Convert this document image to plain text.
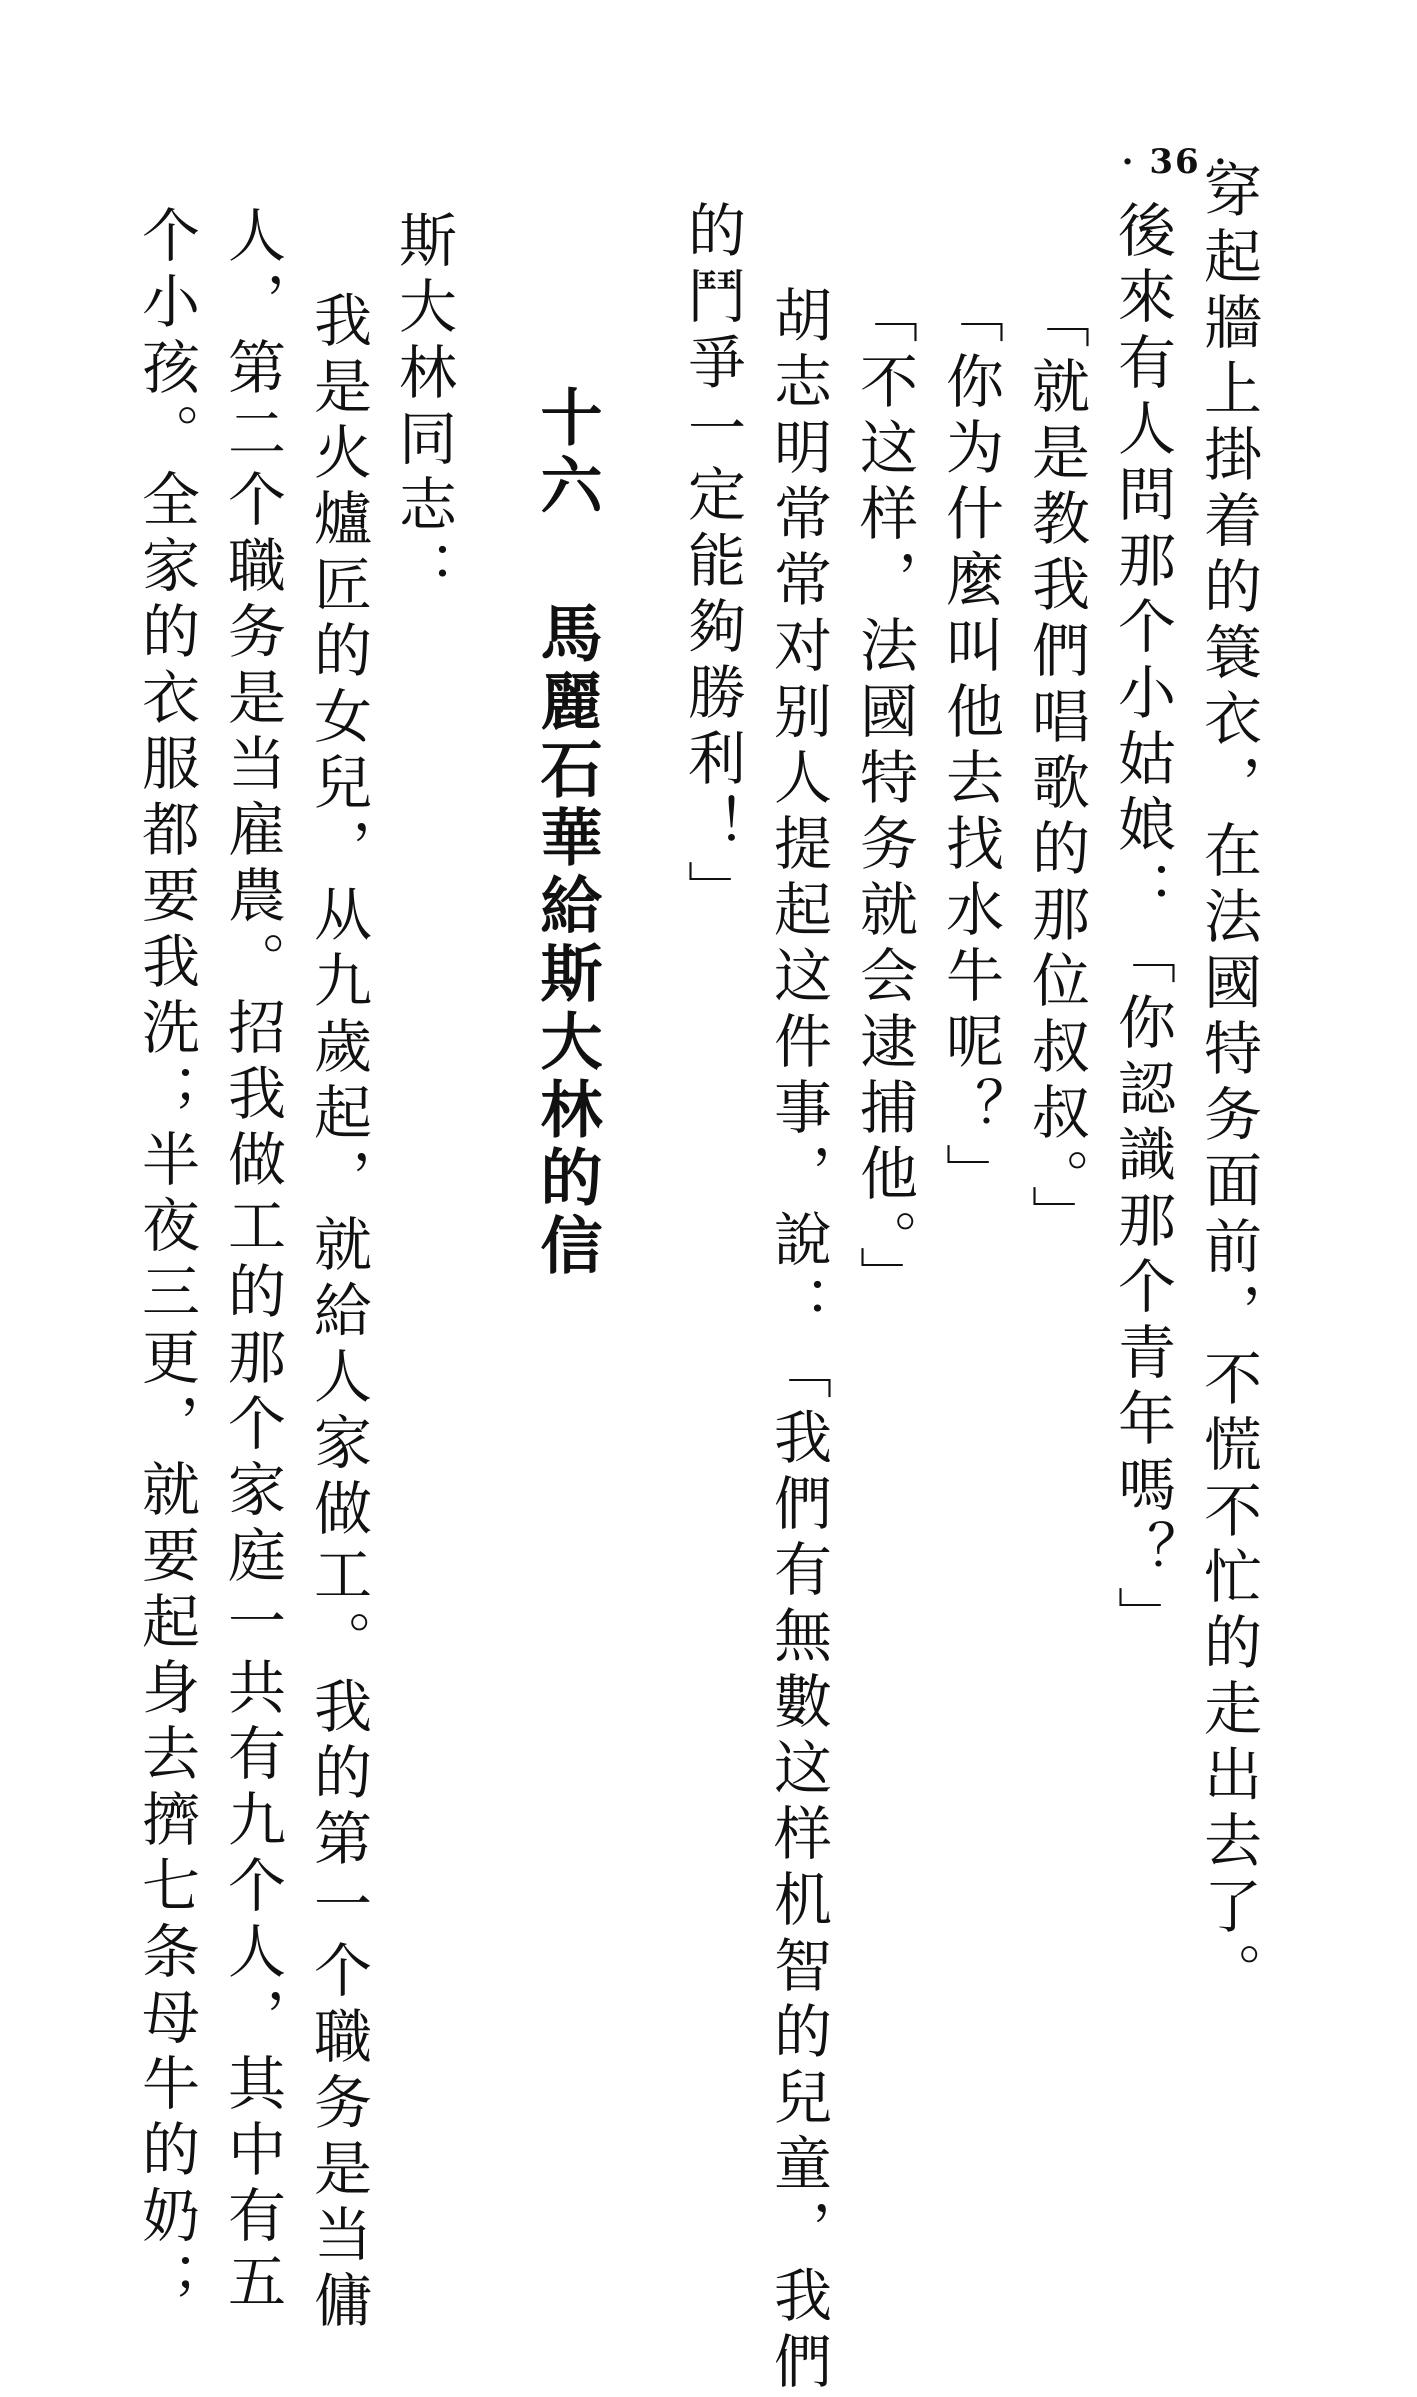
· 36 ·
穿起牆上掛着的簑衣，在法國特务面前，不慌不忙的走出去了。
後來有人問那个小姑娘：「你認識那个青年嗎？」
「就是教我們唱歌的那位叔叔。」
「你为什麼叫他去找水牛呢？」
「不这样，法國特务就会逮捕他。」
胡志明常常对别人提起这件事，說：「我們有無數这样机智的兒童，我們
的鬥爭一定能夠勝利！」
十六馬麗石華給斯大林的信
斯大林同志：
我是火爐匠的女兒，从九歲起，就給人家做工。我的第一个職务是当傭
人，第二个職务是当雇農。招我做工的那个家庭一共有九个人，其中有五
个小孩。全家的衣服都要我洗；半夜三更，就要起身去擠七条母牛的奶；
